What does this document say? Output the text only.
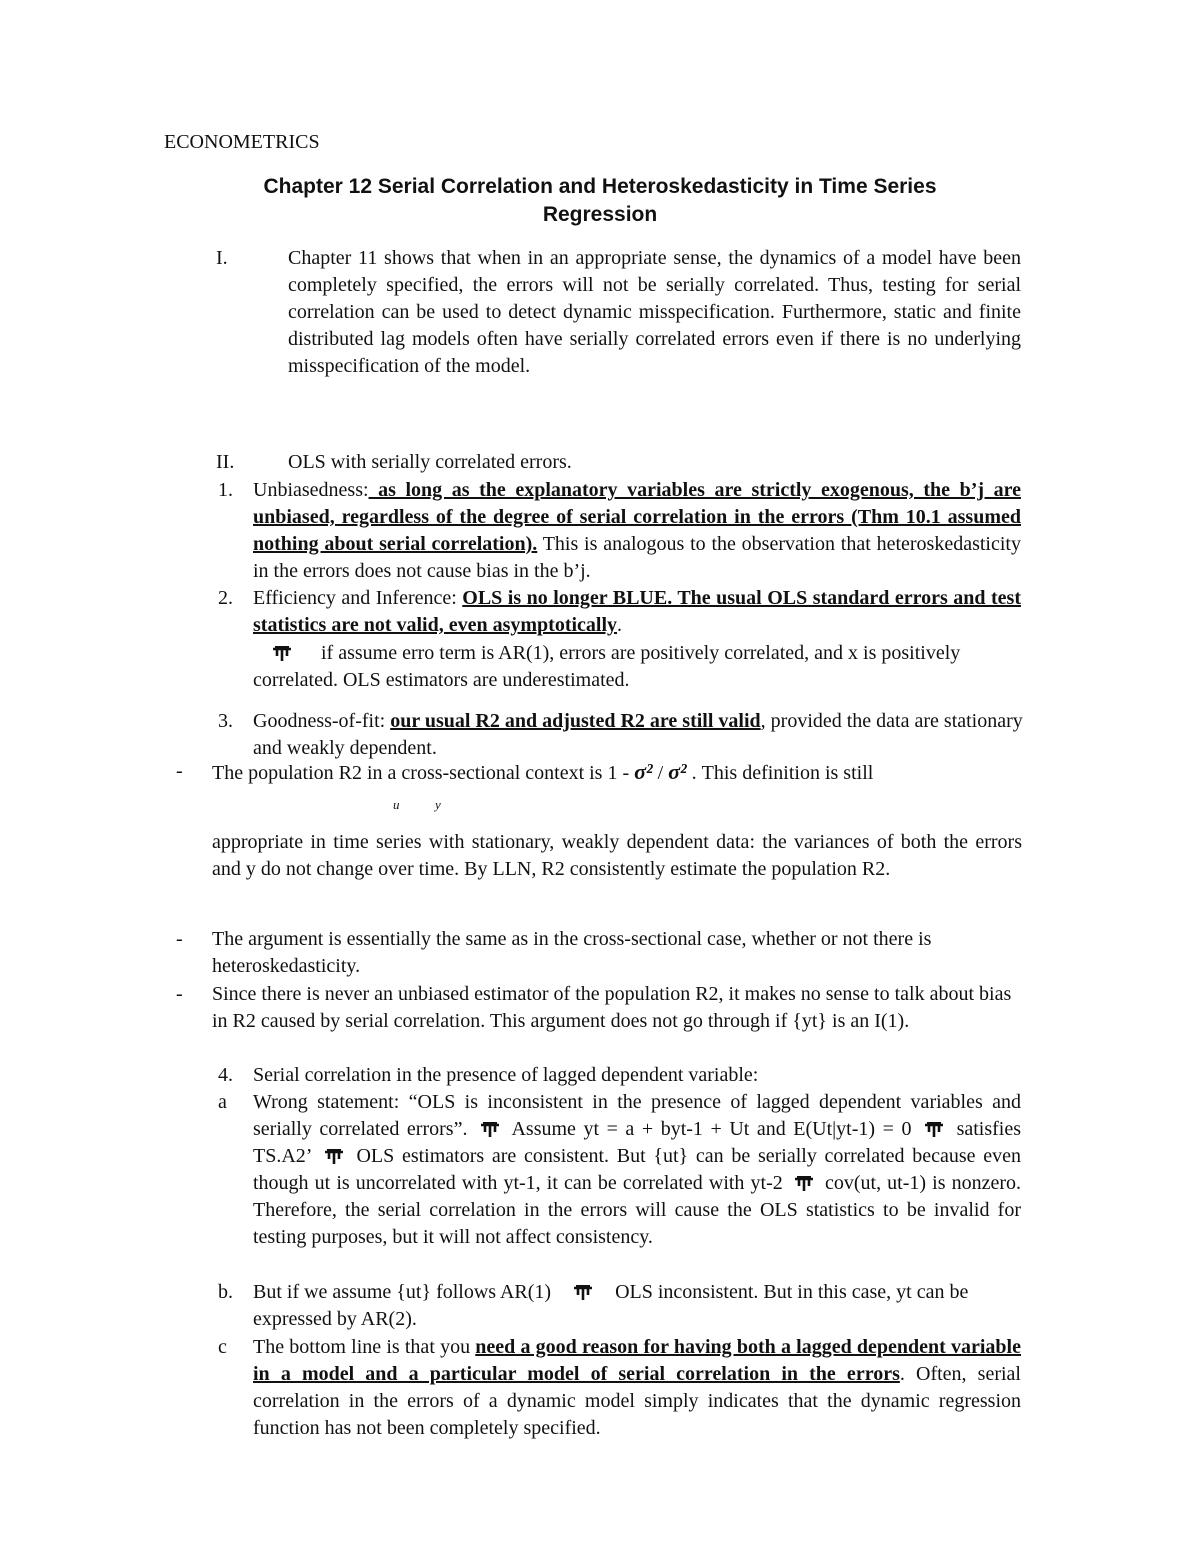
ECONOMETRICS
Chapter 12 Serial Correlation and Heteroskedasticity in Time Series Regression
I.	Chapter 11 shows that when in an appropriate sense, the dynamics of a model have been completely specified, the errors will not be serially correlated. Thus, testing for serial correlation can be used to detect dynamic misspecification. Furthermore, static and finite distributed lag models often have serially correlated errors even if there is no underlying misspecification of the model.

II.	OLS with serially correlated errors.

1. Unbiasedness: as long as the explanatory variables are strictly exogenous, the b’j are unbiased, regardless of the degree of serial correlation in the errors (Thm 10.1 assumed nothing about serial correlation). This is analogous to the observation that heteroskedasticity in the errors does not cause bias in the b’j.

2. Efficiency and Inference: OLS is no longer BLUE. The usual OLS standard errors and test statistics are not valid, even asymptotically.

if assume erro term is AR(1), errors are positively correlated, and x is positively correlated. OLS estimators are underestimated.

3. Goodness-of-fit: our usual R2 and adjusted R2 are still valid, provided the data are stationary and weakly dependent.

- The population R2 in a cross-sectional context is 1 - σ² / σ² . This definition is still

u	y

appropriate in time series with stationary, weakly dependent data: the variances of both the errors and y do not change over time. By LLN, R2 consistently estimate the population R2.

- The argument is essentially the same as in the cross-sectional case, whether or not there is heteroskedasticity.

- Since there is never an unbiased estimator of the population R2, it makes no sense to talk about bias in R2 caused by serial correlation. This argument does not go through if {yt} is an I(1).

4. Serial correlation in the presence of lagged dependent variable:

a Wrong statement: “OLS is inconsistent in the presence of lagged dependent variables and serially correlated errors”. Assume yt = a + byt-1 + Ut and E(Ut|yt-1) = 0 satisfies TS.A2’ OLS estimators are consistent. But {ut} can be serially correlated because even though ut is uncorrelated with yt-1, it can be correlated with yt-2 cov(ut, ut-1) is nonzero. Therefore, the serial correlation in the errors will cause the OLS statistics to be invalid for testing purposes, but it will not affect consistency.

b. But if we assume {ut} follows AR(1)	OLS inconsistent. But in this case, yt can be expressed by AR(2).

c The bottom line is that you need a good reason for having both a lagged dependent variable in a model and a particular model of serial correlation in the errors. Often, serial correlation in the errors of a dynamic model simply indicates that the dynamic regression function has not been completely specified.
